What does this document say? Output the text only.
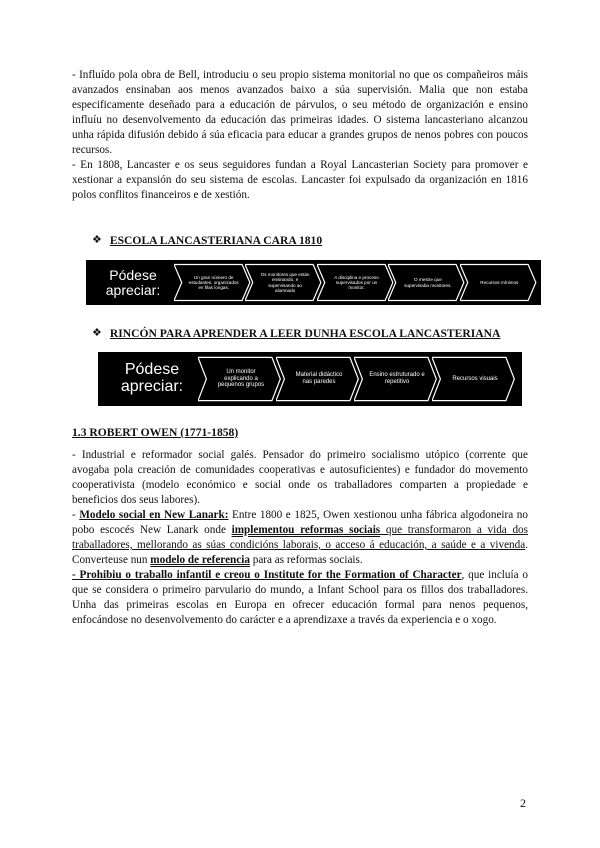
- Influído pola obra de Bell, introduciu o seu propio sistema monitorial no que os compañeiros máis avanzados ensinaban aos menos avanzados baixo a súa supervisión. Malia que non estaba especificamente deseñado para a educación de párvulos, o seu método de organización e ensino influíu no desenvolvemento da educación das primeiras idades. O sistema lancasteriano alcanzou unha rápida difusión debido á súa eficacia para educar a grandes grupos de nenos pobres con poucos recursos.

- En 1808, Lancaster e os seus seguidores fundan a Royal Lancasterian Society para promover e xestionar a expansión do seu sistema de escolas. Lancaster foi expulsado da organización en 1816 polos conflitos financeiros e de xestión.

❖ ESCOLA LANCASTERIANA CARA 1810
Pódese apreciar:
Un gran número de estudantes, organizados en filas longas.
Os monitores que están ensinando, e supervisando ao alumnado
A disciplina e proceso supervisados por un monitor.
O mestre que supervisaba monitores.
Recursos mínimos
❖ RINCÓN PARA APRENDER A LEER DUNHA ESCOLA LANCASTERIANA
Pódese apreciar:
Un monitor explicando a pequenos grupos
Material didáctico nas paredes
Ensino estruturado e repetitivo
Recursos visuais

1.3 ROBERT OWEN (1771-1858)

- Industrial e reformador social galés. Pensador do primeiro socialismo utópico (corrente que avogaba pola creación de comunidades cooperativas e autosuficientes) e fundador do movemento cooperativista (modelo económico e social onde os traballadores comparten a propiedade e beneficios dos seus labores).

- Modelo social en New Lanark: Entre 1800 e 1825, Owen xestionou unha fábrica algodoneira no pobo escocés New Lanark onde implementou reformas sociais que transformaron a vida dos traballadores, mellorando as súas condicións laborais, o acceso á educación, a saúde e a vivenda. Converteuse nun modelo de referencia para as reformas sociais.

- Prohibiu o traballo infantil e creou o Institute for the Formation of Character, que incluía o que se considera o primeiro parvulario do mundo, a Infant School para os fillos dos traballadores. Unha das primeiras escolas en Europa en ofrecer educación formal para nenos pequenos, enfocándose no desenvolvemento do carácter e a aprendizaxe a través da experiencia e o xogo.

2
